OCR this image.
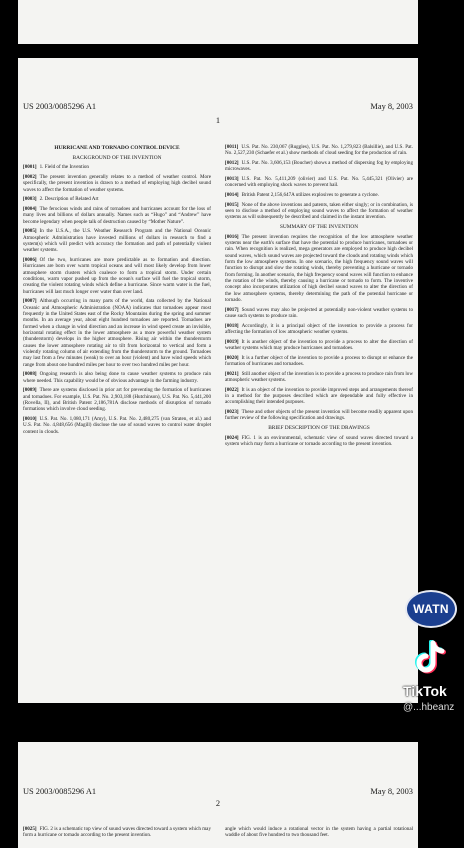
US 2003/0085296 A1	May 8, 2003
1
HURRICANE AND TORNADO CONTROL DEVICE
BACKGROUND OF THE INVENTION

[0001] 1. Field of the Invention

[0002] The present invention generally relates to a method of weather control. More specifically, the present invention is drawn to a method of employing high decibel sound waves to affect the formation of weather systems.

[0003] 2. Description of Related Art

[0004] The ferocious winds and rains of tornadoes and hurricanes account for the loss of many lives and billions of dollars annually. Names such as “Hugo” and “Andrew” have become legendary when people talk of destruction caused by “Mother Nature”.

[0005] In the U.S.A., the U.S. Weather Research Program and the National Oceanic Atmospheric Administration have invested millions of dollars in research to find a system(s) which will predict with accuracy the formation and path of potentially violent weather systems.

[0006] Of the two, hurricanes are more predictable as to formation and direction. Hurricanes are born over warm tropical oceans and will most likely develop from lower atmosphere storm clusters which coalesce to form a tropical storm. Under certain conditions, warm vapor pushed up from the ocean's surface will fuel the tropical storm, creating the violent rotating winds which define a hurricane. Since warm water is the fuel, hurricanes will last much longer over water than over land.

[0007] Although occurring in many parts of the world, data collected by the National Oceanic and Atmospheric Administration (NOAA) indicates that tornadoes appear most frequently in the United States east of the Rocky Mountains during the spring and summer months. In an average year, about eight hundred tornadoes are reported. Tornadoes are formed when a change in wind direction and an increase in wind speed create an invisible, horizontal rotating effect in the lower atmosphere as a more powerful weather system (thunderstorm) develops in the higher atmosphere. Rising air within the thunderstorm causes the lower atmosphere rotating air to tilt from horizontal to vertical and form a violently rotating column of air extending from the thunderstorm to the ground. Tornadoes may last from a few minutes (weak) to over an hour (violent) and have wind speeds which range from about one hundred miles per hour to over two hundred miles per hour.

[0008] Ongoing research is also being done to cause weather systems to produce rain where needed. This capability would be of obvious advantage in the farming industry.

[0009] There are systems disclosed in prior art for preventing the formation of hurricanes and tornadoes. For example, U.S. Pat. No. 2,903,188 (Hutchinson), U.S. Pat. No. 5,441,200 (Rovella, II), and British Patent 2,186,781A disclose methods of disruption of tornado formations which involve cloud seeding.

[0010] U.S. Pat. No. 1,080,171 (Amy), U.S. Pat. No. 2,480,275 (van Straten, et al.) and U.S. Pat. No. 4,848,656 (Magill) disclose the use of sound waves to control water droplet content in clouds.

[0011] U.S. Pat. No. 230,067 (Ruggles), U.S. Pat. No. 1,279,823 (Balsillie), and U.S. Pat. No. 2,527,230 (Schaefer et al.) show methods of cloud seeding for the production of rain.

[0012] U.S. Pat. No. 3,606,153 (Boucher) shows a method of dispersing fog by employing microwaves.

[0013] U.S. Pat. No. 5,411,209 (olivier) and U.S. Pat. No. 5,445,321 (Olivier) are concerned with employing shock waves to prevent hail.

[0014] British Patent 2,156,647A utilizes explosives to generate a cyclone.

[0015] None of the above inventions and patents, taken either singly; or in combination, is seen to disclose a method of employing sound waves to affect the formation of weather systems as will subsequently be described and claimed in the instant invention.

SUMMARY OF THE INVENTION

[0016] The present invention requires the recognition of the low atmosphere weather systems near the earth's surface that have the potential to produce hurricanes, tornadoes or rain. When recognition is realized, mega generators are employed to produce high decibel sound waves, which sound waves are projected toward the clouds and rotating winds which form the low atmosphere systems. In one scenario, the high frequency sound waves will function to disrupt and slow the rotating winds, thereby preventing a hurricane or tornado from forming. In another scenario, the high frequency sound waves will function to enhance the rotation of the winds, thereby causing a hurricane or tornado to form. The inventive concept also incorporates utilization of high decibel sound waves to alter the direction of the low atmosphere systems, thereby determining the path of the potential hurricane or tornado.

[0017] Sound waves may also be projected at potentially non-violent weather systems to cause such systems to produce rain.

[0018] Accordingly, it is a principal object of the invention to provide a process for affecting the formation of low atmospheric weather systems.

[0019] It is another object of the invention to provide a process to alter the direction of weather systems which may produce hurricanes and tornadoes.

[0020] It is a further object of the invention to provide a process to disrupt or enhance the formation of hurricanes and tornadoes.

[0021] Still another object of the invention is to provide a process to produce rain from low atmospheric weather systems.

[0022] It is an object of the invention to provide improved steps and arrangements thereof in a method for the purposes described which are dependable and fully effective in accomplishing their intended purposes.

[0023] These and other objects of the present invention will become readily apparent upon further review of the following specification and drawings.

BRIEF DESCRIPTION OF THE DRAWINGS

[0024] FIG. 1 is an environmental, schematic view of sound waves directed toward a system which may form a hurricane or tornado according to the present invention.

US 2003/0085296 A1	May 8, 2003
2

[0025] FIG. 2 is a schematic top view of sound waves directed toward a system which may form a hurricane or tornado according to the present invention.

angle which would induce a rotational vector in the system having a partial rotational waddle of about five hundred to two thousand feet.

WATN
TikTok
@...hbeanz
